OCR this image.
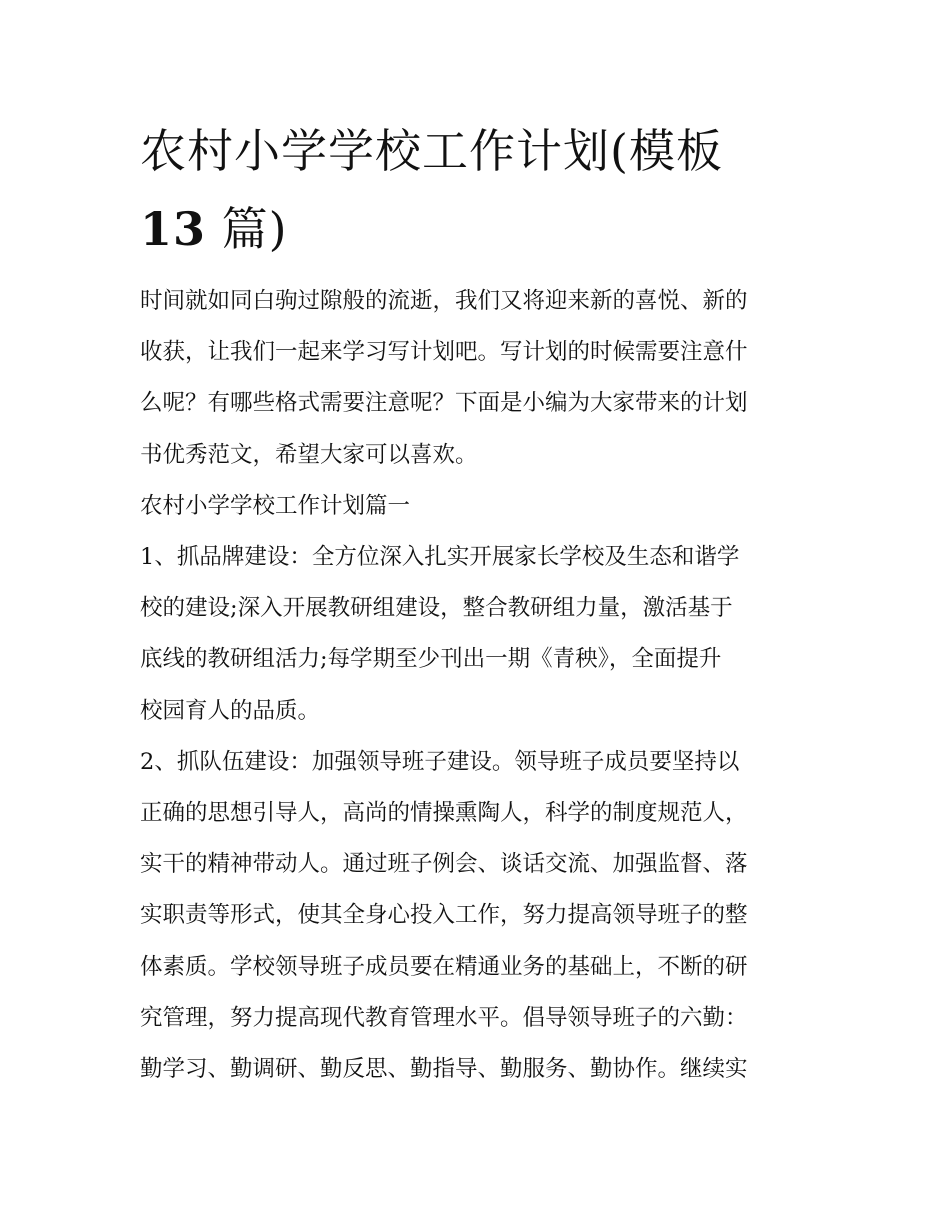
农村小学学校工作计划(模板
13 篇)

时间就如同白驹过隙般的流逝，我们又将迎来新的喜悦、新的
收获，让我们一起来学习写计划吧。写计划的时候需要注意什
么呢？有哪些格式需要注意呢？下面是小编为大家带来的计划
书优秀范文，希望大家可以喜欢。

农村小学学校工作计划篇一

1、抓品牌建设：全方位深入扎实开展家长学校及生态和谐学
校的建设;深入开展教研组建设，整合教研组力量，激活基于
底线的教研组活力;每学期至少刊出一期《青秧》，全面提升
校园育人的品质。

2、抓队伍建设：加强领导班子建设。领导班子成员要坚持以
正确的思想引导人，高尚的情操熏陶人，科学的制度规范人，
实干的精神带动人。通过班子例会、谈话交流、加强监督、落
实职责等形式，使其全身心投入工作，努力提高领导班子的整
体素质。学校领导班子成员要在精通业务的基础上，不断的研
究管理，努力提高现代教育管理水平。倡导领导班子的六勤：
勤学习、勤调研、勤反思、勤指导、勤服务、勤协作。继续实
